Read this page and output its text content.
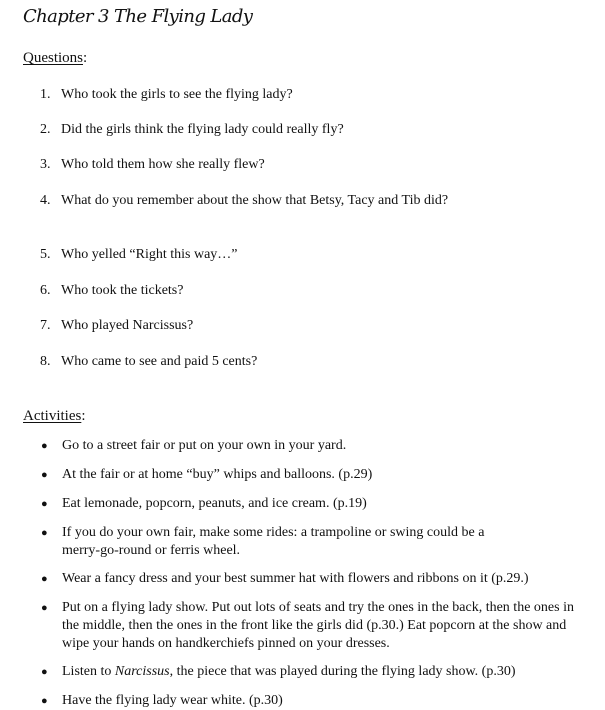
Chapter 3 The Flying Lady
Questions:
1. Who took the girls to see the flying lady?
2. Did the girls think the flying lady could really fly?
3. Who told them how she really flew?
4. What do you remember about the show that Betsy, Tacy and Tib did?
5. Who yelled “Right this way…”
6. Who took the tickets?
7. Who played Narcissus?
8. Who came to see and paid 5 cents?
Activities:
●	Go to a street fair or put on your own in your yard.
●	At the fair or at home “buy” whips and balloons. (p.29)
●	Eat lemonade, popcorn, peanuts, and ice cream. (p.19)
●	If you do your own fair, make some rides: a trampoline or swing could be a merry-go-round or ferris wheel.
●	Wear a fancy dress and your best summer hat with flowers and ribbons on it (p.29.)
●	Put on a flying lady show. Put out lots of seats and try the ones in the back, then the ones in the middle, then the ones in the front like the girls did (p.30.) Eat popcorn at the show and wipe your hands on handkerchiefs pinned on your dresses.
●	Listen to Narcissus, the piece that was played during the flying lady show. (p.30)
●	Have the flying lady wear white. (p.30)
